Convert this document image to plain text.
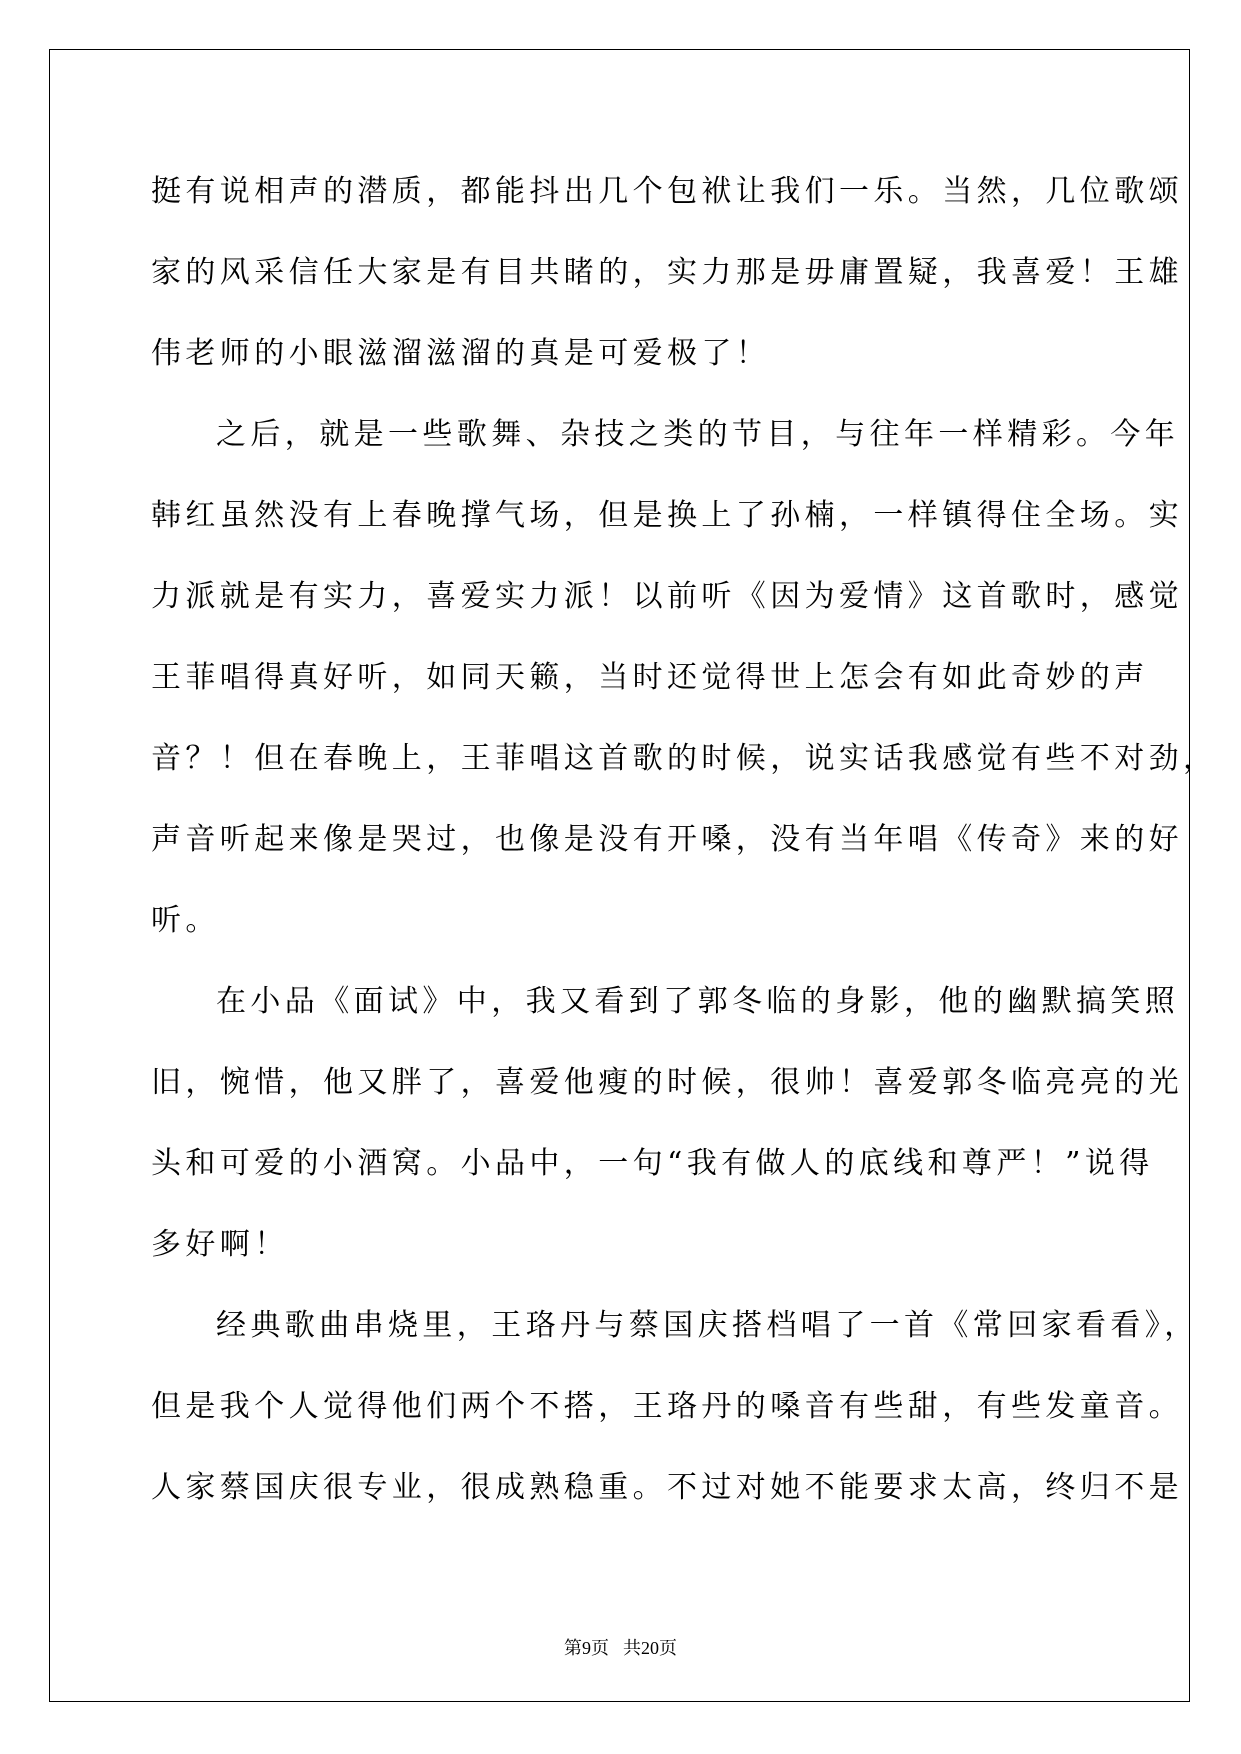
挺有说相声的潜质，都能抖出几个包袱让我们一乐。当然，几位歌颂
家的风采信任大家是有目共睹的，实力那是毋庸置疑，我喜爱！王雄
伟老师的小眼滋溜滋溜的真是可爱极了！
之后，就是一些歌舞、杂技之类的节目，与往年一样精彩。今年
韩红虽然没有上春晚撑气场，但是换上了孙楠，一样镇得住全场。实
力派就是有实力，喜爱实力派！以前听《因为爱情》这首歌时，感觉
王菲唱得真好听，如同天籁，当时还觉得世上怎会有如此奇妙的声
音？！但在春晚上，王菲唱这首歌的时候，说实话我感觉有些不对劲，
声音听起来像是哭过，也像是没有开嗓，没有当年唱《传奇》来的好
听。
在小品《面试》中，我又看到了郭冬临的身影，他的幽默搞笑照
旧，惋惜，他又胖了，喜爱他瘦的时候，很帅！喜爱郭冬临亮亮的光
头和可爱的小酒窝。小品中，一句“我有做人的底线和尊严！”说得
多好啊！
经典歌曲串烧里，王珞丹与蔡国庆搭档唱了一首《常回家看看》，
但是我个人觉得他们两个不搭，王珞丹的嗓音有些甜，有些发童音。
人家蔡国庆很专业，很成熟稳重。不过对她不能要求太高，终归不是
第9页 共20页
